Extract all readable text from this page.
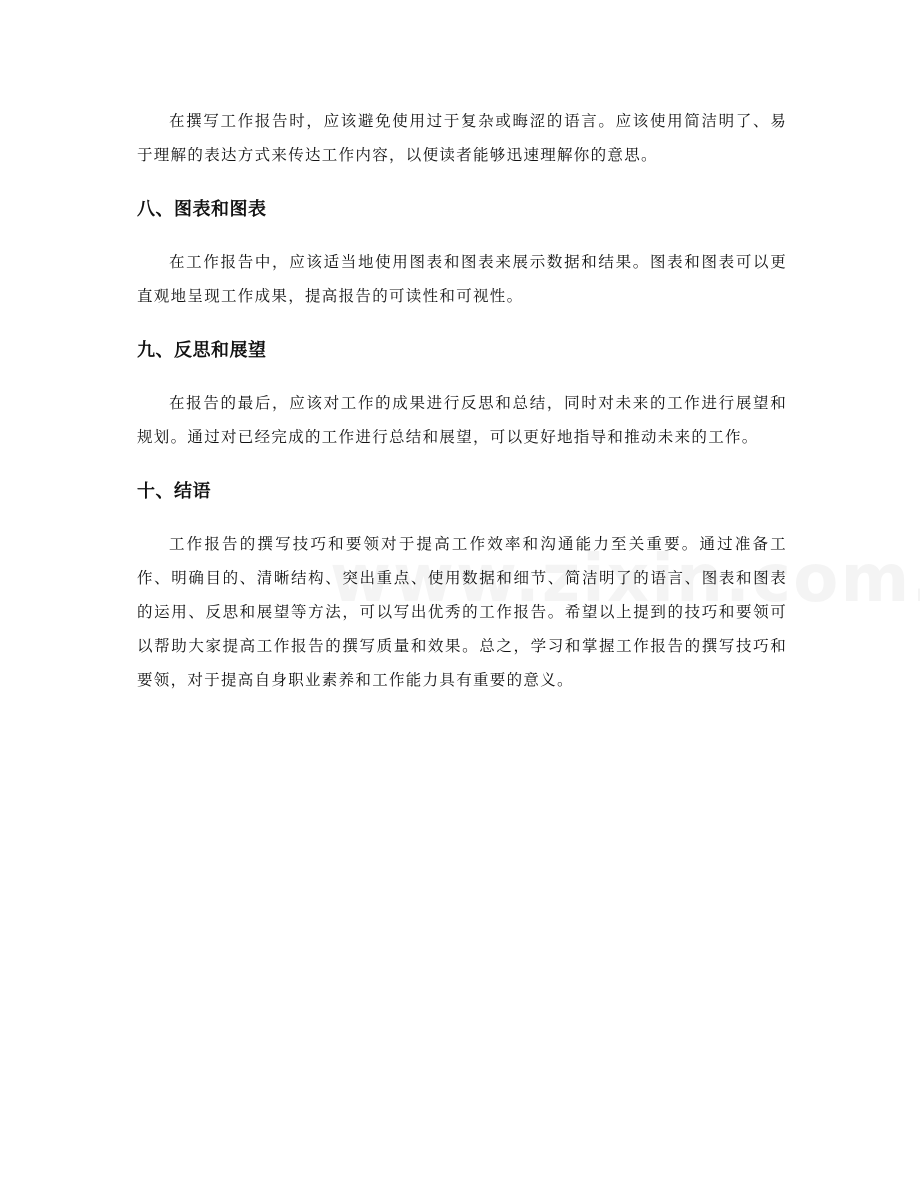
在撰写工作报告时，应该避免使用过于复杂或晦涩的语言。应该使用简洁明了、易于理解的表达方式来传达工作内容，以便读者能够迅速理解你的意思。

八、图表和图表

在工作报告中，应该适当地使用图表和图表来展示数据和结果。图表和图表可以更直观地呈现工作成果，提高报告的可读性和可视性。

九、反思和展望

在报告的最后，应该对工作的成果进行反思和总结，同时对未来的工作进行展望和规划。通过对已经完成的工作进行总结和展望，可以更好地指导和推动未来的工作。

十、结语

工作报告的撰写技巧和要领对于提高工作效率和沟通能力至关重要。通过准备工作、明确目的、清晰结构、突出重点、使用数据和细节、简洁明了的语言、图表和图表的运用、反思和展望等方法，可以写出优秀的工作报告。希望以上提到的技巧和要领可以帮助大家提高工作报告的撰写质量和效果。总之，学习和掌握工作报告的撰写技巧和要领，对于提高自身职业素养和工作能力具有重要的意义。
